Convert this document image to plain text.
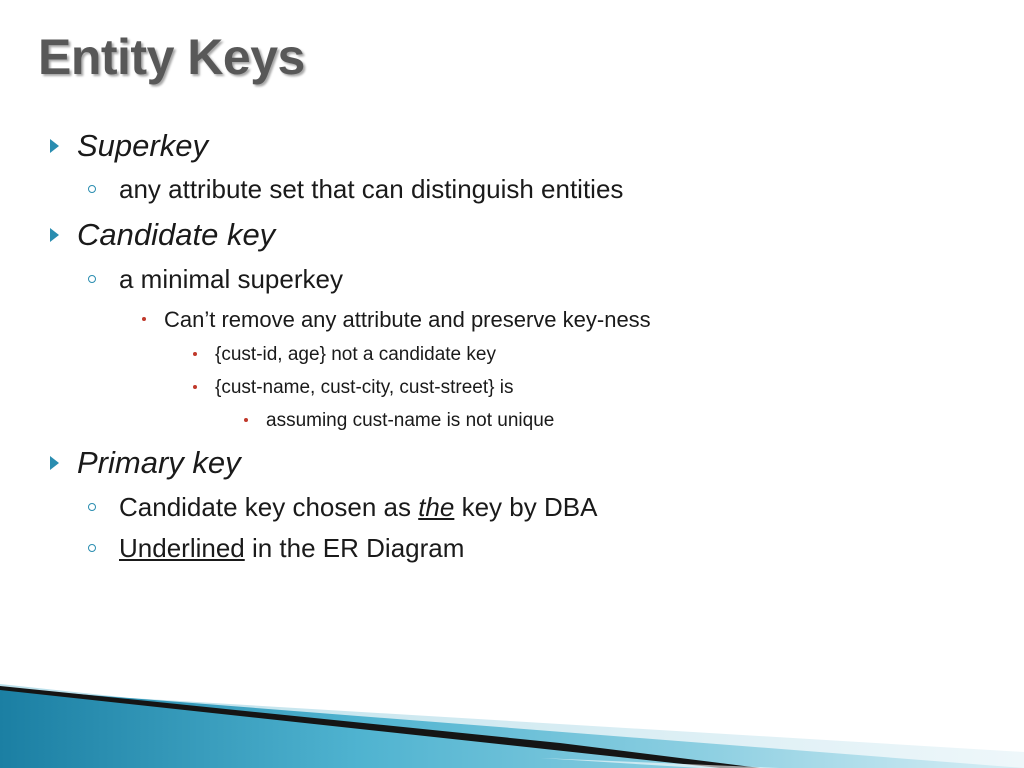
Entity Keys
Superkey
any attribute set that can distinguish entities
Candidate key
a minimal superkey
Can’t remove any attribute and preserve key-ness
{cust-id, age} not a candidate key
{cust-name, cust-city, cust-street} is
assuming cust-name is not unique
Primary key
Candidate key chosen as the key by DBA
Underlined in the ER Diagram
